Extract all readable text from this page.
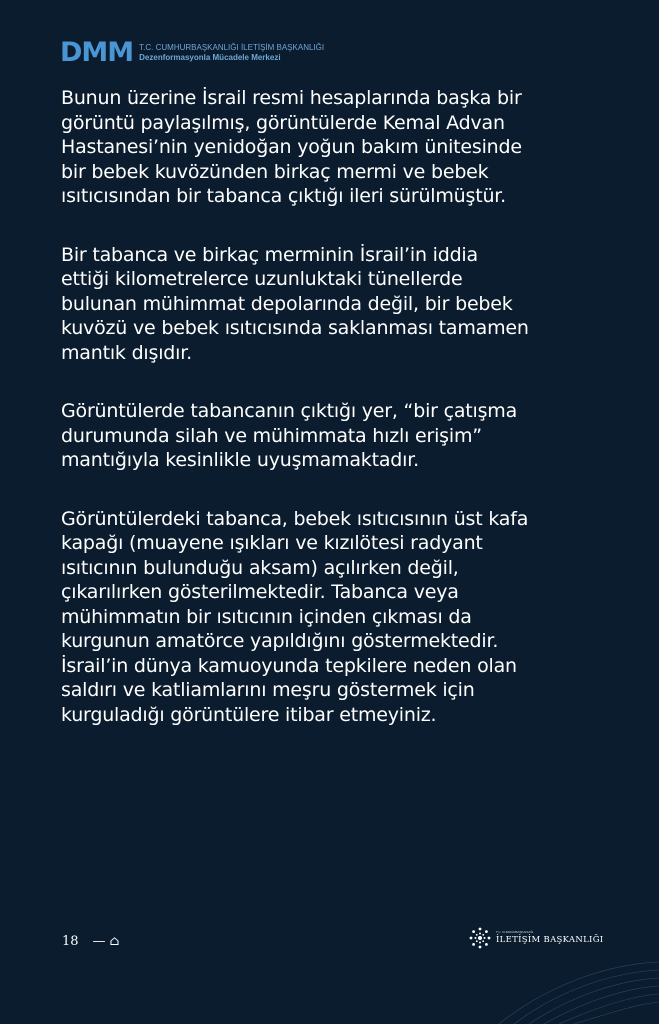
DMM T.C. CUMHURBAŞKANLIĞI İLETİŞİM BAŞKANLIĞI
Dezenformasyonla Mücadele Merkezi

Bunun üzerine İsrail resmi hesaplarında başka bir görüntü paylaşılmış, görüntülerde Kemal Advan Hastanesi’nin yenidoğan yoğun bakım ünitesinde bir bebek kuvözünden birkaç mermi ve bebek ısıtıcısından bir tabanca çıktığı ileri sürülmüştür.

Bir tabanca ve birkaç merminin İsrail’in iddia ettiği kilometrelerce uzunluktaki tünellerde bulunan mühimmat depolarında değil, bir bebek kuvözü ve bebek ısıtıcısında saklanması tamamen mantık dışıdır.

Görüntülerde tabancanın çıktığı yer, “bir çatışma durumunda silah ve mühimmata hızlı erişim” mantığıyla kesinlikle uyuşmamaktadır.

Görüntülerdeki tabanca, bebek ısıtıcısının üst kafa kapağı (muayene ışıkları ve kızılötesi radyant ısıtıcının bulunduğu aksam) açılırken değil, çıkarılırken gösterilmektedir. Tabanca veya mühimmatın bir ısıtıcının içinden çıkması da kurgunun amatörce yapıldığını göstermektedir. İsrail’in dünya kamuoyunda tepkilere neden olan saldırı ve katliamlarını meşru göstermek için kurguladığı görüntülere itibar etmeyiniz.

18 — ⌂
T.C. CUMHURBAŞKANLIĞI
İLETİŞİM BAŞKANLIĞI
